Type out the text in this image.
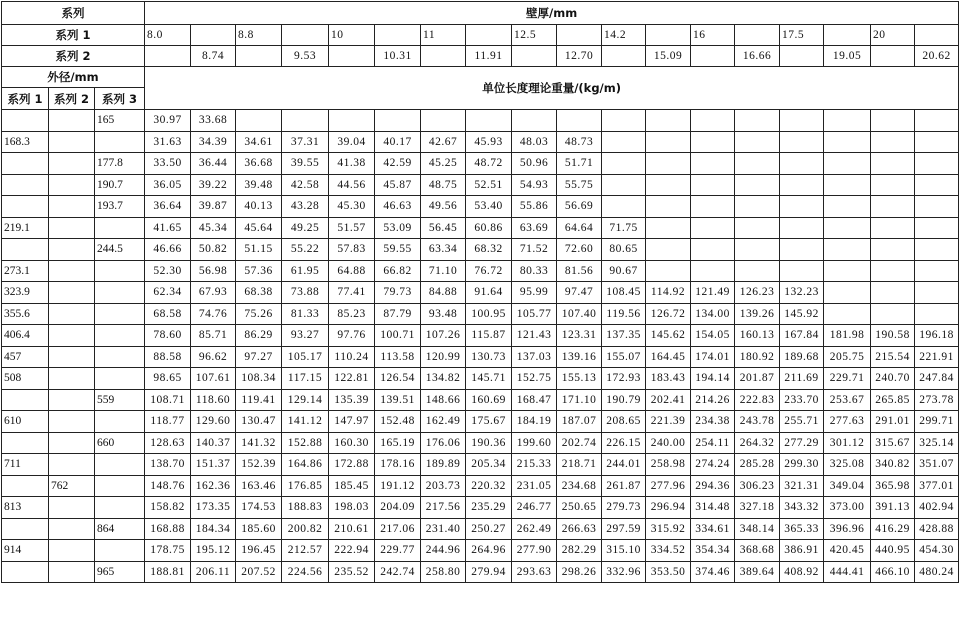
系列			壁厚/mm																	
系列 1			8.0		8.8		10		11		12.5		14.2		16		17.5		20	
系列 2				8.74		9.53		10.31		11.91		12.70		15.09		16.66		19.05		20.62
外径/mm			单位长度理论重量/(kg/m)																	
系列 1	系列 2	系列 3																		
		165	30.97	33.68																
168.3			31.63	34.39	34.61	37.31	39.04	40.17	42.67	45.93	48.03	48.73								
		177.8	33.50	36.44	36.68	39.55	41.38	42.59	45.25	48.72	50.96	51.71								
		190.7	36.05	39.22	39.48	42.58	44.56	45.87	48.75	52.51	54.93	55.75								
		193.7	36.64	39.87	40.13	43.28	45.30	46.63	49.56	53.40	55.86	56.69								
219.1			41.65	45.34	45.64	49.25	51.57	53.09	56.45	60.86	63.69	64.64	71.75							
		244.5	46.66	50.82	51.15	55.22	57.83	59.55	63.34	68.32	71.52	72.60	80.65							
273.1			52.30	56.98	57.36	61.95	64.88	66.82	71.10	76.72	80.33	81.56	90.67							
323.9			62.34	67.93	68.38	73.88	77.41	79.73	84.88	91.64	95.99	97.47	108.45	114.92	121.49	126.23	132.23			
355.6			68.58	74.76	75.26	81.33	85.23	87.79	93.48	100.95	105.77	107.40	119.56	126.72	134.00	139.26	145.92			
406.4			78.60	85.71	86.29	93.27	97.76	100.71	107.26	115.87	121.43	123.31	137.35	145.62	154.05	160.13	167.84	181.98	190.58	196.18
457			88.58	96.62	97.27	105.17	110.24	113.58	120.99	130.73	137.03	139.16	155.07	164.45	174.01	180.92	189.68	205.75	215.54	221.91
508			98.65	107.61	108.34	117.15	122.81	126.54	134.82	145.71	152.75	155.13	172.93	183.43	194.14	201.87	211.69	229.71	240.70	247.84
		559	108.71	118.60	119.41	129.14	135.39	139.51	148.66	160.69	168.47	171.10	190.79	202.41	214.26	222.83	233.70	253.67	265.85	273.78
610			118.77	129.60	130.47	141.12	147.97	152.48	162.49	175.67	184.19	187.07	208.65	221.39	234.38	243.78	255.71	277.63	291.01	299.71
		660	128.63	140.37	141.32	152.88	160.30	165.19	176.06	190.36	199.60	202.74	226.15	240.00	254.11	264.32	277.29	301.12	315.67	325.14
711			138.70	151.37	152.39	164.86	172.88	178.16	189.89	205.34	215.33	218.71	244.01	258.98	274.24	285.28	299.30	325.08	340.82	351.07
	762		148.76	162.36	163.46	176.85	185.45	191.12	203.73	220.32	231.05	234.68	261.87	277.96	294.36	306.23	321.31	349.04	365.98	377.01
813			158.82	173.35	174.53	188.83	198.03	204.09	217.56	235.29	246.77	250.65	279.73	296.94	314.48	327.18	343.32	373.00	391.13	402.94
		864	168.88	184.34	185.60	200.82	210.61	217.06	231.40	250.27	262.49	266.63	297.59	315.92	334.61	348.14	365.33	396.96	416.29	428.88
914			178.75	195.12	196.45	212.57	222.94	229.77	244.96	264.96	277.90	282.29	315.10	334.52	354.34	368.68	386.91	420.45	440.95	454.30
		965	188.81	206.11	207.52	224.56	235.52	242.74	258.80	279.94	293.63	298.26	332.96	353.50	374.46	389.64	408.92	444.41	466.10	480.24
